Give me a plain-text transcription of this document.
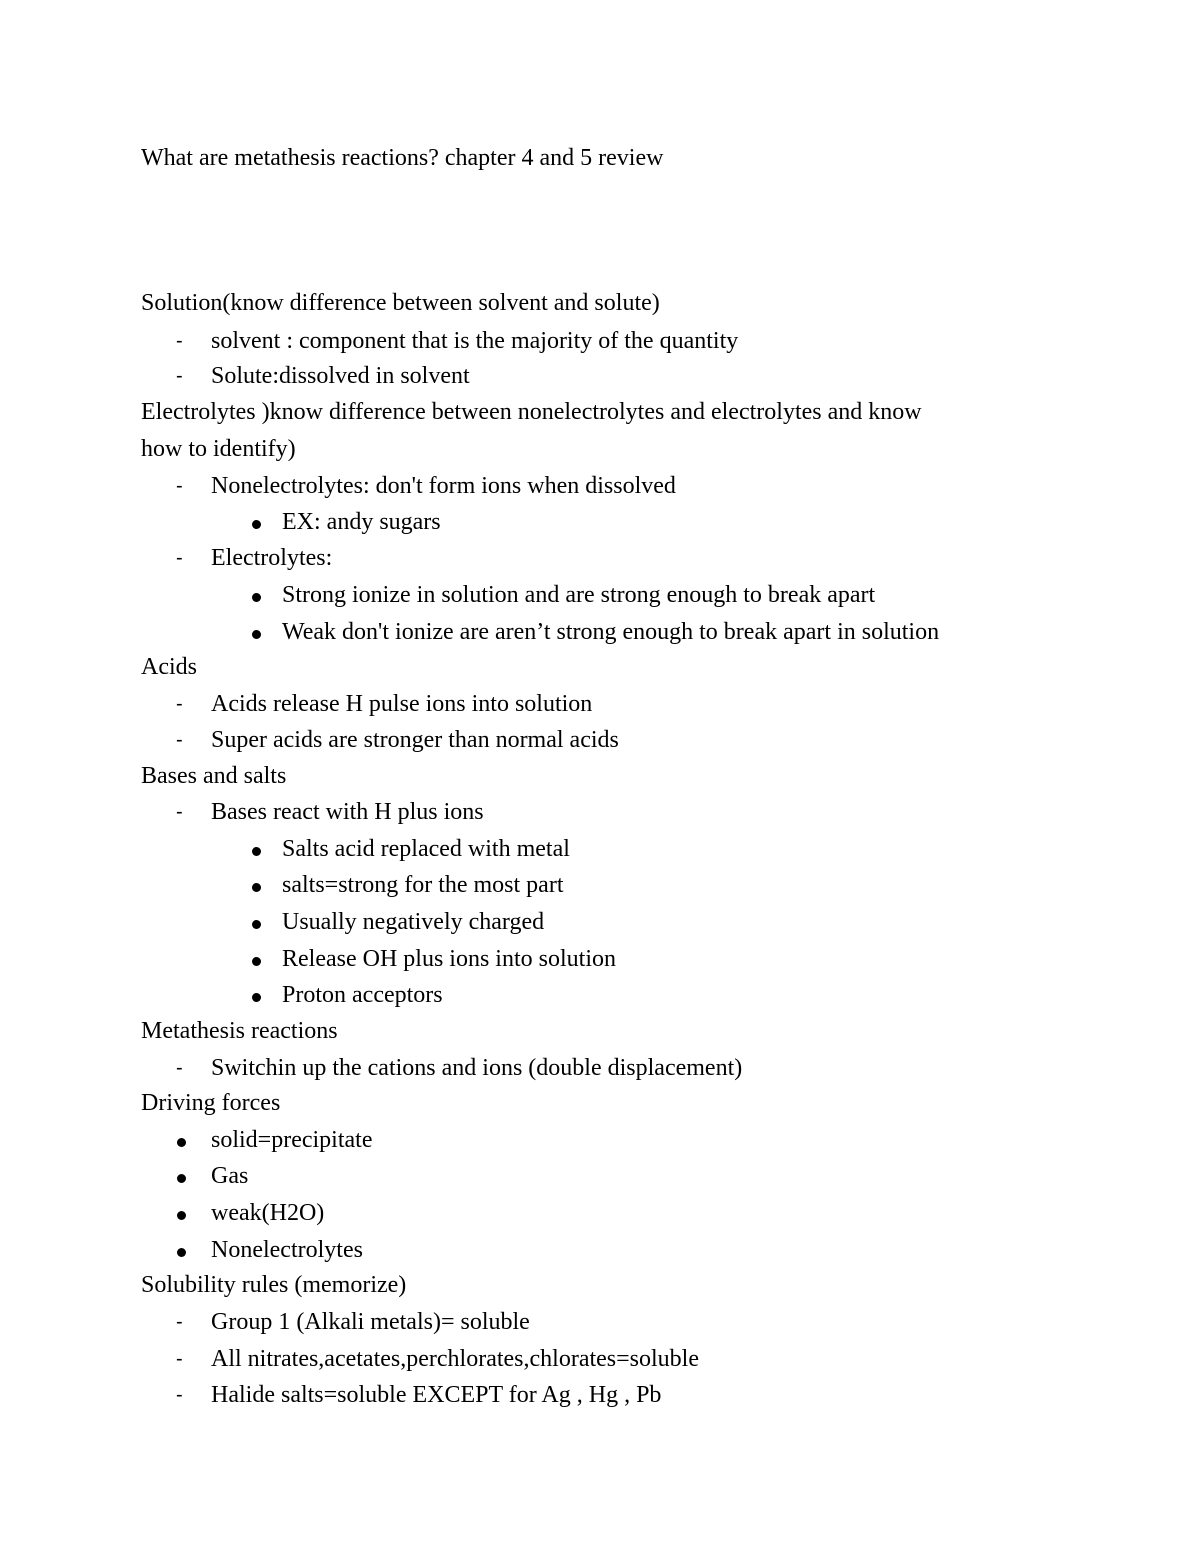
What are metathesis reactions? chapter 4 and 5 review
Solution(know difference between solvent and solute)
- solvent : component that is the majority of the quantity
- Solute:dissolved in solvent
Electrolytes )know difference between nonelectrolytes and electrolytes and know
how to identify)
- Nonelectrolytes: don't form ions when dissolved
EX: andy sugars
- Electrolytes:
Strong ionize in solution and are strong enough to break apart
Weak don't ionize are aren’t strong enough to break apart in solution
Acids
- Acids release H pulse ions into solution
- Super acids are stronger than normal acids
Bases and salts
- Bases react with H plus ions
Salts acid replaced with metal
salts=strong for the most part
Usually negatively charged
Release OH plus ions into solution
Proton acceptors
Metathesis reactions
- Switchin up the cations and ions (double displacement)
Driving forces
solid=precipitate
Gas
weak(H2O)
Nonelectrolytes
Solubility rules (memorize)
- Group 1 (Alkali metals)= soluble
- All nitrates,acetates,perchlorates,chlorates=soluble
- Halide salts=soluble EXCEPT for Ag , Hg , Pb
